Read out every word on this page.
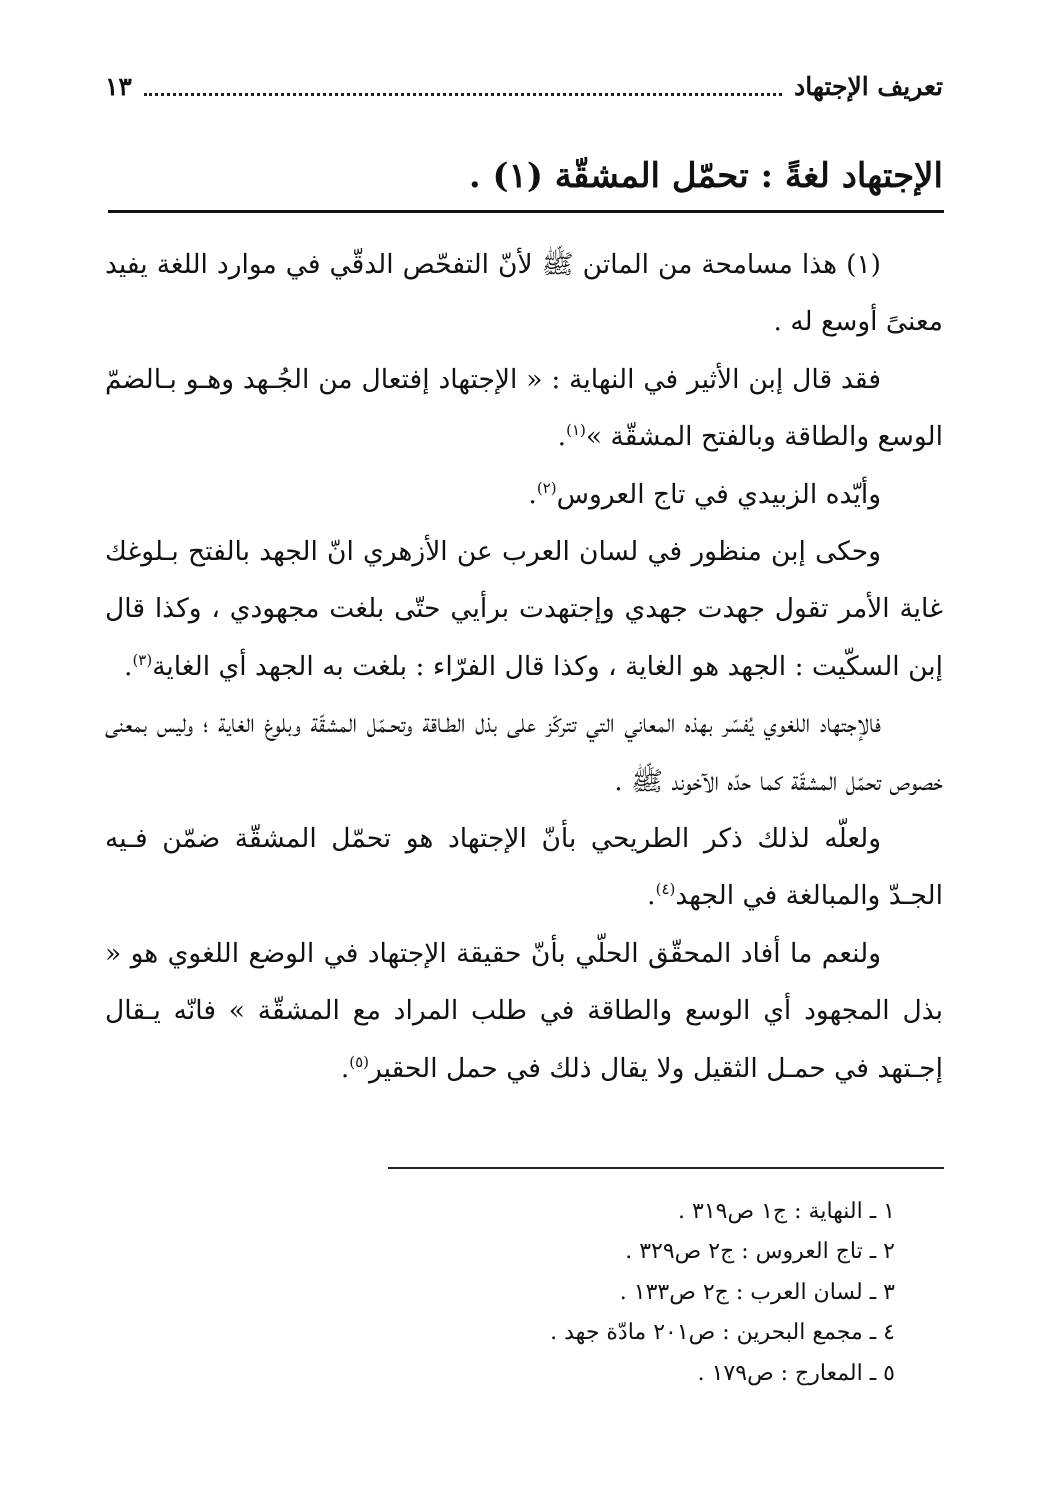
تعريف الإجتهاد
١٣
الإجتهاد لغةً : تحمّل المشقّة (١) .

(١) هذا مسامحة من الماتن ﷺ لأنّ التفحّص الدقّي في موارد اللغة يفيد معنىً أوسع له .

فقد قال إبن الأثير في النهاية : « الإجتهاد إفتعال من الجُـهد وهـو بـالضمّ الوسع والطاقة وبالفتح المشقّة »$^{(١)}$.

وأيّده الزبيدي في تاج العروس$^{(٢)}$.

وحكى إبن منظور في لسان العرب عن الأزهري انّ الجهد بالفتح بـلوغك غاية الأمر تقول جهدت جهدي وإجتهدت برأيي حتّى بلغت مجهودي ، وكذا قال إبن السكّيت : الجهد هو الغاية ، وكذا قال الفرّاء : بلغت به الجهد أي الغاية$^{(٣)}$.

فالإجتهاد اللغوي يُفسّر بهذه المعاني التي تتركّز على بذل الطـاقة وتحـمّل المشقّة وبلوغ الغاية ؛ وليس بمعنى خصوص تحمّل المشقّة كما حدّه الآخوند ﷺ .

ولعلّه لذلك ذكر الطريحي بأنّ الإجتهاد هو تحمّل المشقّة ضمّن فـيه الجـدّ والمبالغة في الجهد$^{(٤)}$.

ولنعم ما أفاد المحقّق الحلّي بأنّ حقيقة الإجتهاد في الوضع اللغوي هو « بذل المجهود أي الوسع والطاقة في طلب المراد مع المشقّة » فانّه يـقال إجـتهد في حمـل الثقيل ولا يقال ذلك في حمل الحقير$^{(٥)}$.

١ ـ النهاية : ج١ ص٣١٩ .
٢ ـ تاج العروس : ج٢ ص٣٢٩ .
٣ ـ لسان العرب : ج٢ ص١٣٣ .
٤ ـ مجمع البحرين : ص٢٠١ مادّة جهد .
٥ ـ المعارج : ص١٧٩ .
